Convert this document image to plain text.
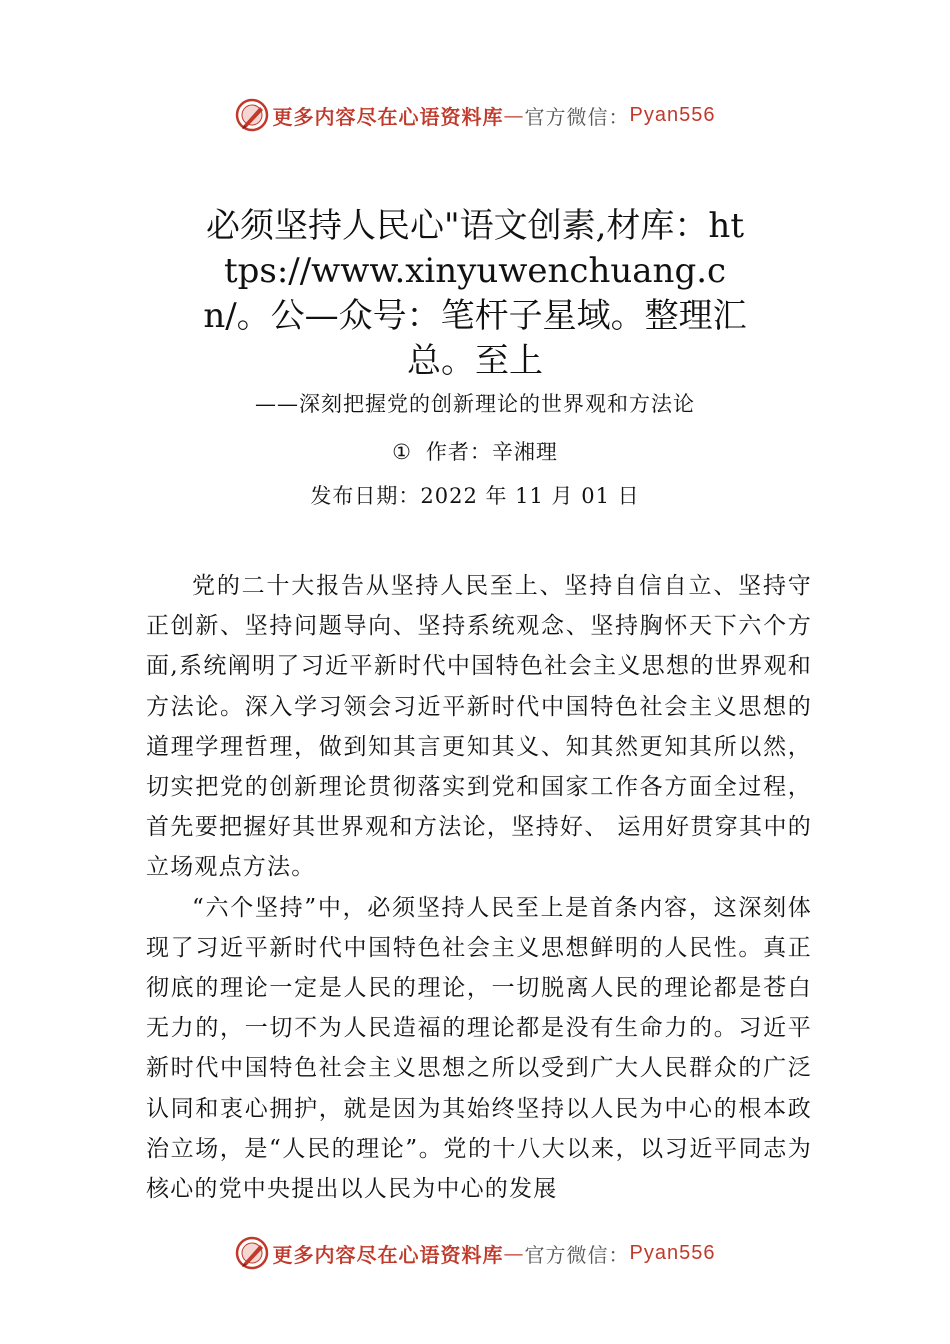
更多内容尽在心语资料库 — 官方微信： Pyan556
必须坚持人民心"语文创素,材库：https://www.xinyuwenchuang.cn/。公—众号：笔杆子星域。整理汇总。至上
——深刻把握党的创新理论的世界观和方法论
① 作者：辛湘理
发布日期：2022 年 11 月 01 日

党的二十大报告从坚持人民至上、坚持自信自立、坚持守正创新、坚持问题导向、坚持系统观念、坚持胸怀天下六个方面,系统阐明了习近平新时代中国特色社会主义思想的世界观和方法论。深入学习领会习近平新时代中国特色社会主义思想的道理学理哲理，做到知其言更知其义、知其然更知其所以然，切实把党的创新理论贯彻落实到党和国家工作各方面全过程，首先要把握好其世界观和方法论，坚持好、 运用好贯穿其中的立场观点方法。

“六个坚持”中，必须坚持人民至上是首条内容，这深刻体现了习近平新时代中国特色社会主义思想鲜明的人民性。真正彻底的理论一定是人民的理论，一切脱离人民的理论都是苍白无力的，一切不为人民造福的理论都是没有生命力的。习近平新时代中国特色社会主义思想之所以受到广大人民群众的广泛认同和衷心拥护，就是因为其始终坚持以人民为中心的根本政治立场，是“人民的理论”。党的十八大以来，以习近平同志为核心的党中央提出以人民为中心的发展

更多内容尽在心语资料库 — 官方微信： Pyan556
